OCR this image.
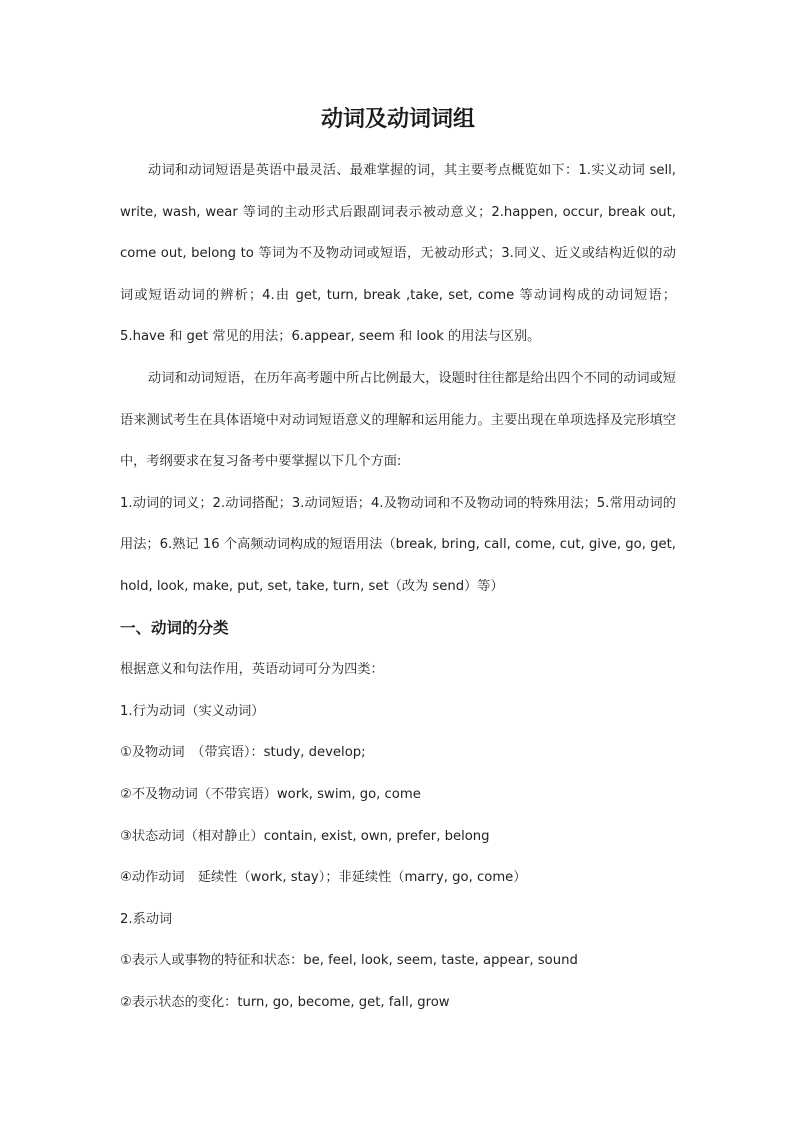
动词及动词词组

动词和动词短语是英语中最灵活、最难掌握的词，其主要考点概览如下：1.实义动词 sell, write, wash, wear 等词的主动形式后跟副词表示被动意义；2.happen, occur, break out, come out, belong to 等词为不及物动词或短语，无被动形式；3.同义、近义或结构近似的动词或短语动词的辨析；4.由 get, turn, break ,take, set, come 等动词构成的动词短语；5.have 和 get 常见的用法；6.appear, seem 和 look 的用法与区别。

动词和动词短语，在历年高考题中所占比例最大，设题时往往都是给出四个不同的动词或短语来测试考生在具体语境中对动词短语意义的理解和运用能力。主要出现在单项选择及完形填空中，考纲要求在复习备考中要掌握以下几个方面:

1.动词的词义；2.动词搭配；3.动词短语；4.及物动词和不及物动词的特殊用法；5.常用动词的用法；6.熟记 16 个高频动词构成的短语用法（break, bring, call, come, cut, give, go, get, hold, look, make, put, set, take, turn, set（改为 send）等）

一、动词的分类

根据意义和句法作用，英语动词可分为四类：

1.行为动词（实义动词）

①及物动词　（带宾语）：study, develop;

②不及物动词（不带宾语）work, swim, go, come

③状态动词（相对静止）contain, exist, own, prefer, belong

④动作动词　延续性（work, stay）；非延续性（marry, go, come）

2.系动词

①表示人或事物的特征和状态：be, feel, look, seem, taste, appear, sound

②表示状态的变化：turn, go, become, get, fall, grow
